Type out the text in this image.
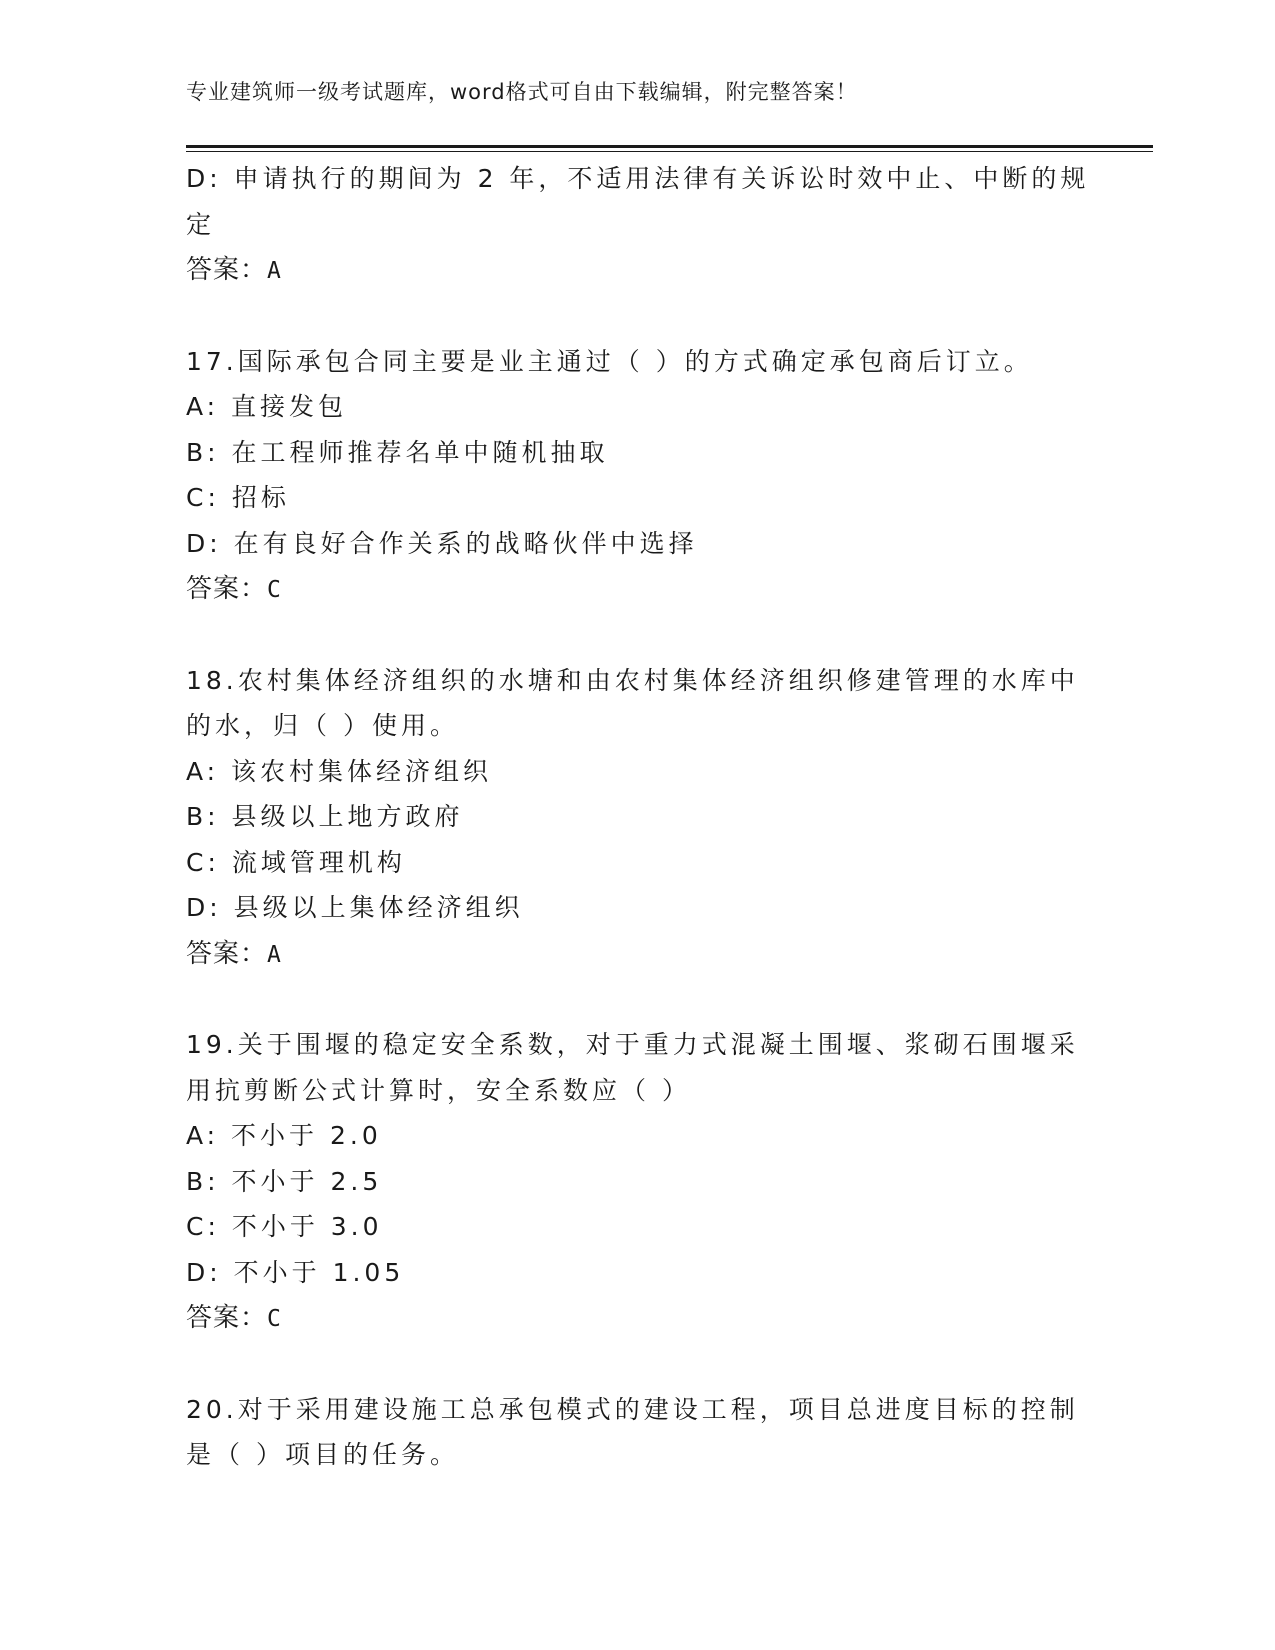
专业建筑师一级考试题库，word格式可自由下载编辑，附完整答案！
D: 申请执行的期间为 2 年，不适用法律有关诉讼时效中止、中断的规
定
答案：A
17.国际承包合同主要是业主通过（ ）的方式确定承包商后订立。
A: 直接发包
B: 在工程师推荐名单中随机抽取
C: 招标
D: 在有良好合作关系的战略伙伴中选择
答案：C
18.农村集体经济组织的水塘和由农村集体经济组织修建管理的水库中
的水，归（ ）使用。
A: 该农村集体经济组织
B: 县级以上地方政府
C: 流域管理机构
D: 县级以上集体经济组织
答案：A
19.关于围堰的稳定安全系数，对于重力式混凝土围堰、浆砌石围堰采
用抗剪断公式计算时，安全系数应（ ）
A: 不小于 2.0
B: 不小于 2.5
C: 不小于 3.0
D: 不小于 1.05
答案：C
20.对于采用建设施工总承包模式的建设工程，项目总进度目标的控制
是（ ）项目的任务。
